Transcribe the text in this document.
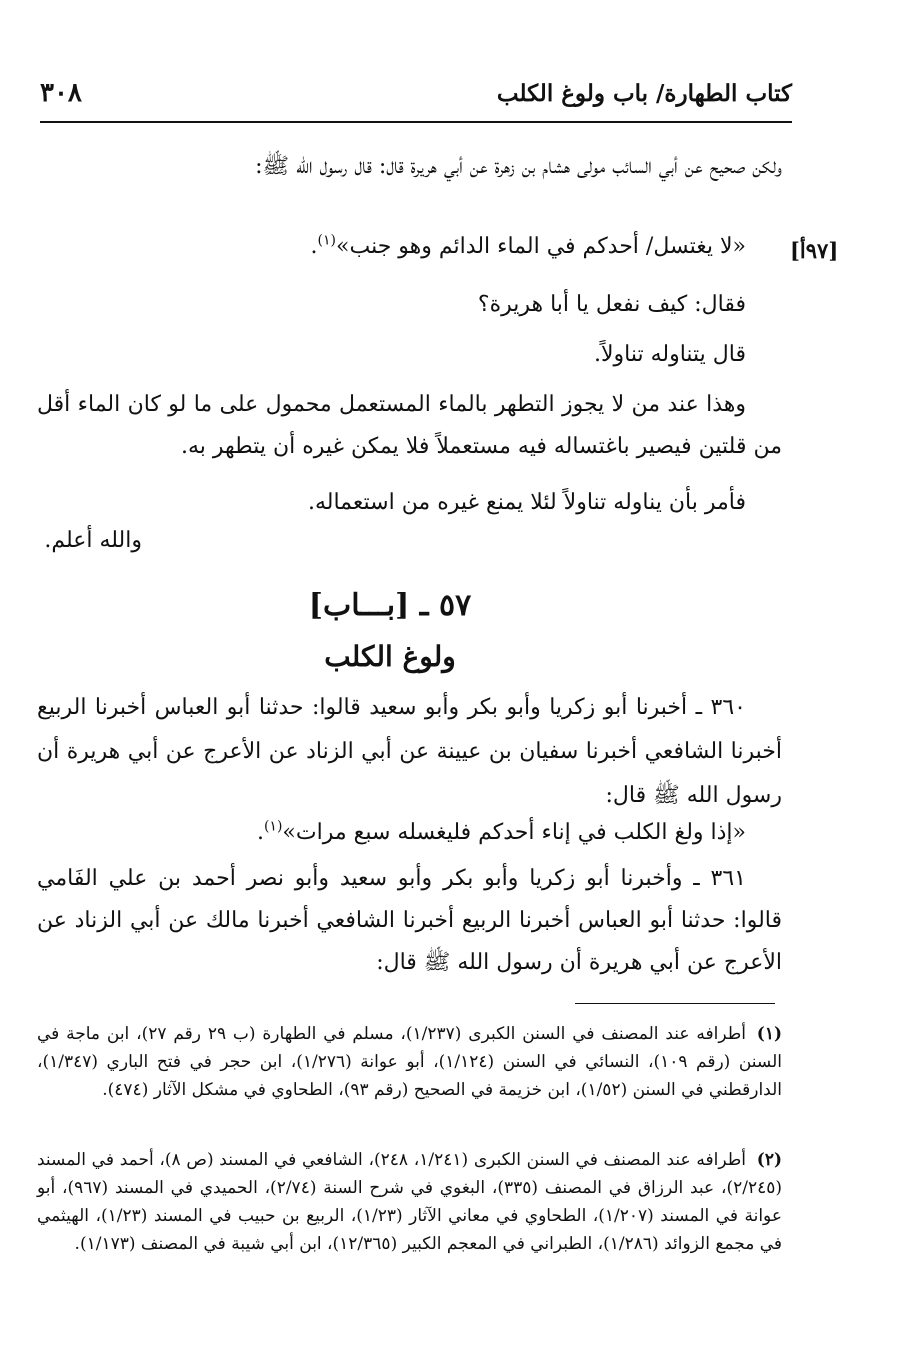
كتاب الطهارة/ باب ولوغ الكلب
٣٠٨
ولكن صحيح عن أبي السائب مولى هشام بن زهرة عن أبي هريرة قال: قال رسول الله ﷺ:
[٩٧أ]
«لا يغتسل/ أحدكم في الماء الدائم وهو جنب»$^{(١)}$.
فقال: كيف نفعل يا أبا هريرة؟
قال يتناوله تناولاً.
وهذا عند من لا يجوز التطهر بالماء المستعمل محمول على ما لو كان الماء أقل من قلتين فيصير باغتساله فيه مستعملاً فلا يمكن غيره أن يتطهر به.
فأمر بأن يناوله تناولاً لئلا يمنع غيره من استعماله.
والله أعلم.
٥٧ ـ [بـــاب]
ولوغ الكلب
٣٦٠ ـ أخبرنا أبو زكريا وأبو بكر وأبو سعيد قالوا: حدثنا أبو العباس أخبرنا الربيع أخبرنا الشافعي أخبرنا سفيان بن عيينة عن أبي الزناد عن الأعرج عن أبي هريرة أن رسول الله ﷺ قال:
«إذا ولغ الكلب في إناء أحدكم فليغسله سبع مرات»$^{(١)}$.
٣٦١ ـ وأخبرنا أبو زكريا وأبو بكر وأبو سعيد وأبو نصر أحمد بن علي الفَامي قالوا: حدثنا أبو العباس أخبرنا الربيع أخبرنا الشافعي أخبرنا مالك عن أبي الزناد عن الأعرج عن أبي هريرة أن رسول الله ﷺ قال:
(١)أطرافه عند المصنف في السنن الكبرى (١/٢٣٧)، مسلم في الطهارة (ب ٢٩ رقم ٢٧)، ابن ماجة في السنن (رقم ١٠٩)، النسائي في السنن (١/١٢٤)، أبو عوانة (١/٢٧٦)، ابن حجر في فتح الباري (١/٣٤٧)، الدارقطني في السنن (١/٥٢)، ابن خزيمة في الصحيح (رقم ٩٣)، الطحاوي في مشكل الآثار (٤٧٤).
(٢)أطرافه عند المصنف في السنن الكبرى (١/٢٤١، ٢٤٨)، الشافعي في المسند (ص ٨)، أحمد في المسند (٢/٢٤٥)، عبد الرزاق في المصنف (٣٣٥)، البغوي في شرح السنة (٢/٧٤)، الحميدي في المسند (٩٦٧)، أبو عوانة في المسند (١/٢٠٧)، الطحاوي في معاني الآثار (١/٢٣)، الربيع بن حبيب في المسند (١/٢٣)، الهيثمي في مجمع الزوائد (١/٢٨٦)، الطبراني في المعجم الكبير (١٢/٣٦٥)، ابن أبي شيبة في المصنف (١/١٧٣).
